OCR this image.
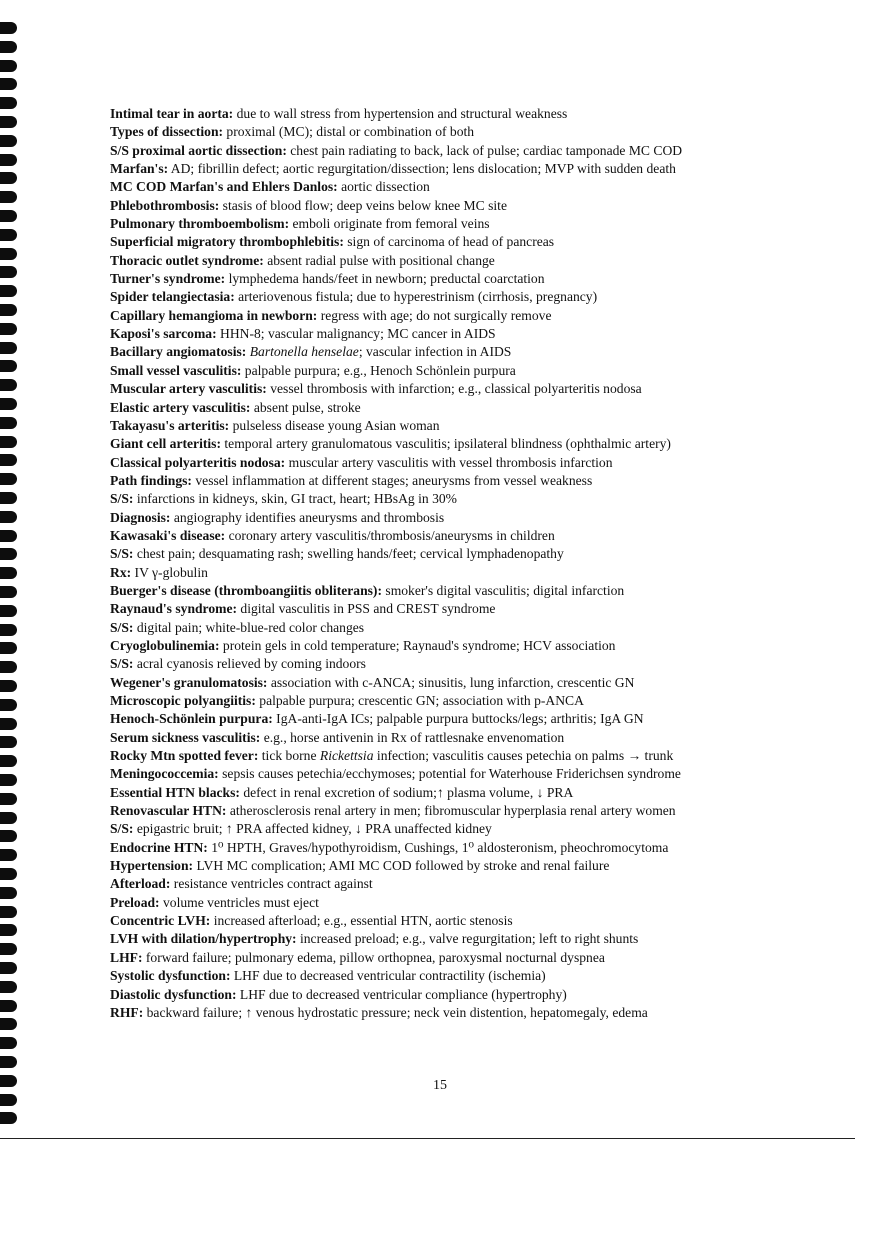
Intimal tear in aorta: due to wall stress from hypertension and structural weakness
Types of dissection: proximal (MC); distal or combination of both
S/S proximal aortic dissection: chest pain radiating to back, lack of pulse; cardiac tamponade MC COD
Marfan's: AD; fibrillin defect; aortic regurgitation/dissection; lens dislocation; MVP with sudden death
MC COD Marfan's and Ehlers Danlos: aortic dissection
Phlebothrombosis: stasis of blood flow; deep veins below knee MC site
Pulmonary thromboembolism: emboli originate from femoral veins
Superficial migratory thrombophlebitis: sign of carcinoma of head of pancreas
Thoracic outlet syndrome: absent radial pulse with positional change
Turner's syndrome: lymphedema hands/feet in newborn; preductal coarctation
Spider telangiectasia: arteriovenous fistula; due to hyperestrinism (cirrhosis, pregnancy)
Capillary hemangioma in newborn: regress with age; do not surgically remove
Kaposi's sarcoma: HHN-8; vascular malignancy; MC cancer in AIDS
Bacillary angiomatosis: Bartonella henselae; vascular infection in AIDS
Small vessel vasculitis: palpable purpura; e.g., Henoch Schönlein purpura
Muscular artery vasculitis: vessel thrombosis with infarction; e.g., classical polyarteritis nodosa
Elastic artery vasculitis: absent pulse, stroke
Takayasu's arteritis: pulseless disease young Asian woman
Giant cell arteritis: temporal artery granulomatous vasculitis; ipsilateral blindness (ophthalmic artery)
Classical polyarteritis nodosa: muscular artery vasculitis with vessel thrombosis infarction
Path findings: vessel inflammation at different stages; aneurysms from vessel weakness
S/S: infarctions in kidneys, skin, GI tract, heart; HBsAg in 30%
Diagnosis: angiography identifies aneurysms and thrombosis
Kawasaki's disease: coronary artery vasculitis/thrombosis/aneurysms in children
S/S: chest pain; desquamating rash; swelling hands/feet; cervical lymphadenopathy
Rx: IV γ-globulin
Buerger's disease (thromboangiitis obliterans): smoker's digital vasculitis; digital infarction
Raynaud's syndrome: digital vasculitis in PSS and CREST syndrome
S/S: digital pain; white-blue-red color changes
Cryoglobulinemia: protein gels in cold temperature; Raynaud's syndrome; HCV association
S/S: acral cyanosis relieved by coming indoors
Wegener's granulomatosis: association with c-ANCA; sinusitis, lung infarction, crescentic GN
Microscopic polyangiitis: palpable purpura; crescentic GN; association with p-ANCA
Henoch-Schönlein purpura: IgA-anti-IgA ICs; palpable purpura buttocks/legs; arthritis; IgA GN
Serum sickness vasculitis: e.g., horse antivenin in Rx of rattlesnake envenomation
Rocky Mtn spotted fever: tick borne Rickettsia infection; vasculitis causes petechia on palms → trunk
Meningococcemia: sepsis causes petechia/ecchymoses; potential for Waterhouse Friderichsen syndrome
Essential HTN blacks: defect in renal excretion of sodium;↑ plasma volume, ↓ PRA
Renovascular HTN: atherosclerosis renal artery in men; fibromuscular hyperplasia renal artery women
S/S: epigastric bruit; ↑ PRA affected kidney, ↓ PRA unaffected kidney
Endocrine HTN: 1⁰ HPTH, Graves/hypothyroidism, Cushings, 1⁰ aldosteronism, pheochromocytoma
Hypertension: LVH MC complication; AMI MC COD followed by stroke and renal failure
Afterload: resistance ventricles contract against
Preload: volume ventricles must eject
Concentric LVH: increased afterload; e.g., essential HTN, aortic stenosis
LVH with dilation/hypertrophy: increased preload; e.g., valve regurgitation; left to right shunts
LHF: forward failure; pulmonary edema, pillow orthopnea, paroxysmal nocturnal dyspnea
Systolic dysfunction: LHF due to decreased ventricular contractility (ischemia)
Diastolic dysfunction: LHF due to decreased ventricular compliance (hypertrophy)
RHF: backward failure; ↑ venous hydrostatic pressure; neck vein distention, hepatomegaly, edema
15
